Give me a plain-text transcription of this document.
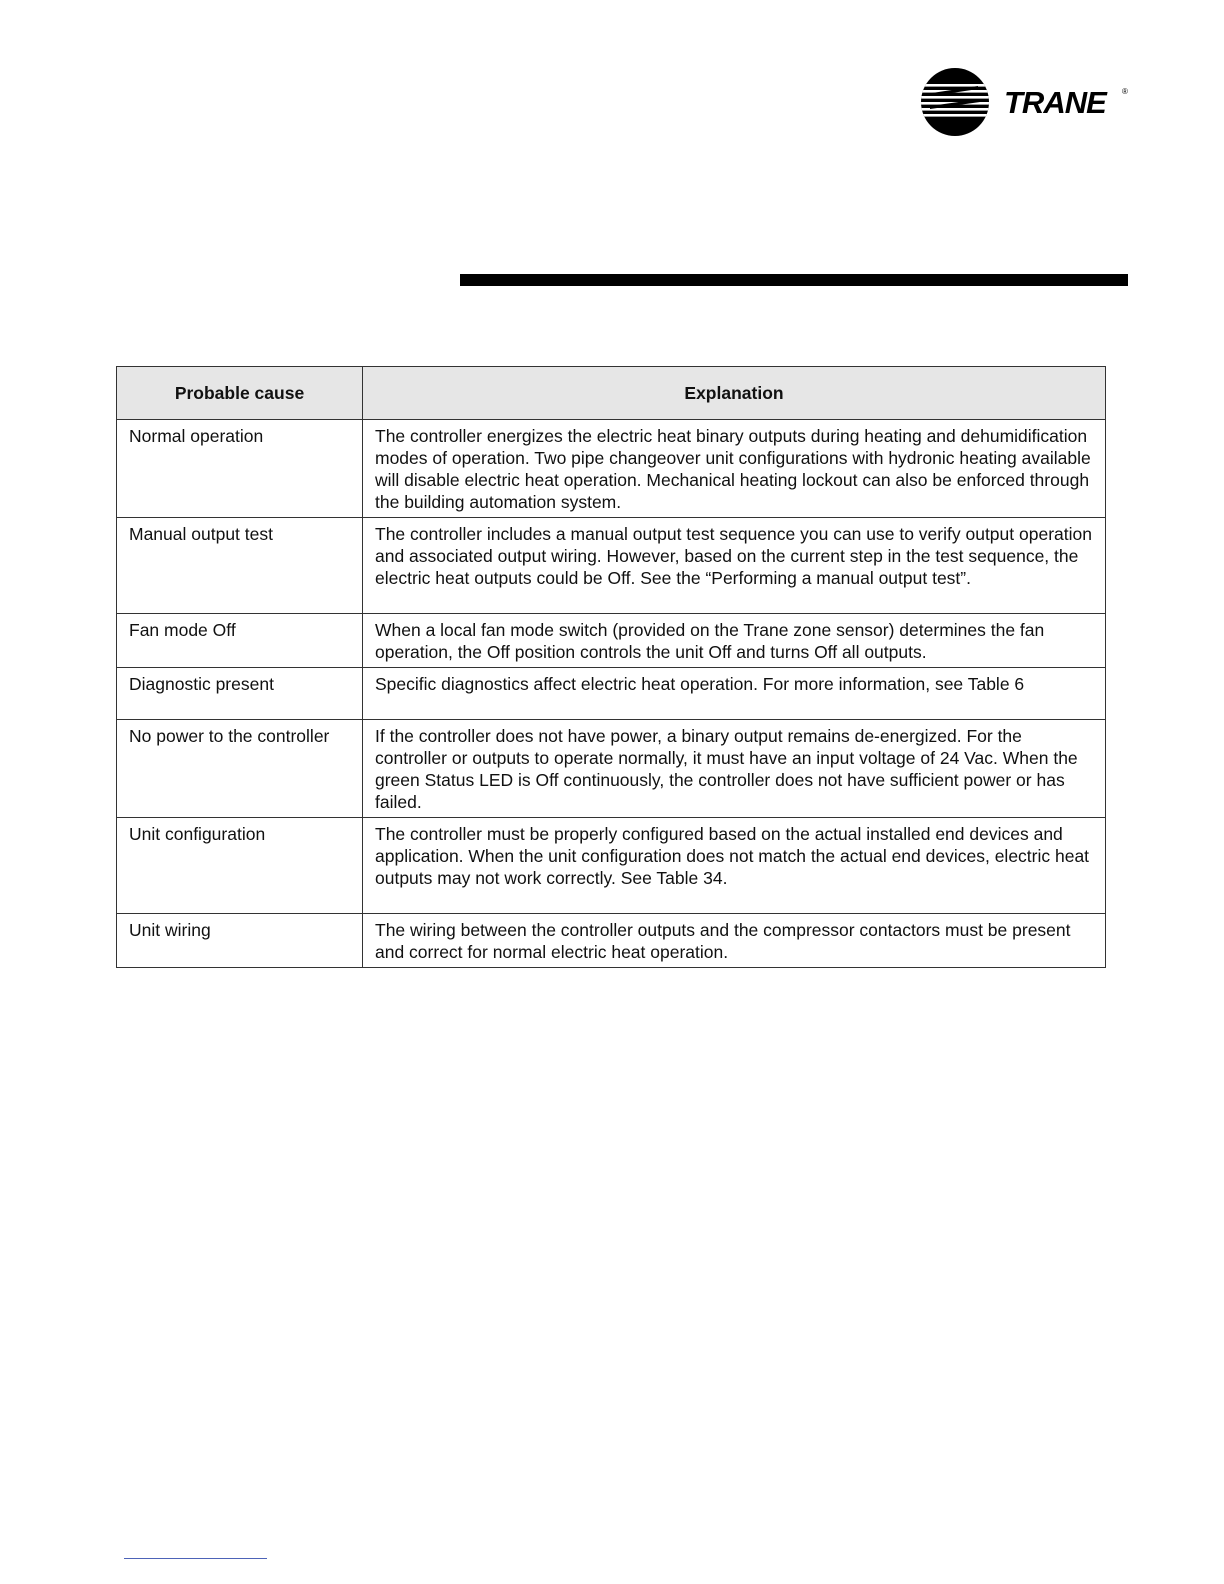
TRANE ®
Probable cause	Explanation
Normal operation	The controller energizes the electric heat binary outputs during heating and dehumidification modes of operation. Two pipe changeover unit configurations with hydronic heating available will disable electric heat operation. Mechanical heating lockout can also be enforced through the building automation system.
Manual output test	The controller includes a manual output test sequence you can use to verify output operation and associated output wiring. However, based on the current step in the test sequence, the electric heat outputs could be Off. See the “Performing a manual output test”.
Fan mode Off	When a local fan mode switch (provided on the Trane zone sensor) determines the fan operation, the Off position controls the unit Off and turns Off all outputs.
Diagnostic present	Specific diagnostics affect electric heat operation. For more information, see Table 6
No power to the controller	If the controller does not have power, a binary output remains de-energized. For the controller or outputs to operate normally, it must have an input voltage of 24 Vac. When the green Status LED is Off continuously, the controller does not have sufficient power or has failed.
Unit configuration	The controller must be properly configured based on the actual installed end devices and application. When the unit configuration does not match the actual end devices, electric heat outputs may not work correctly. See Table 34.
Unit wiring	The wiring between the controller outputs and the compressor contactors must be present and correct for normal electric heat operation.
